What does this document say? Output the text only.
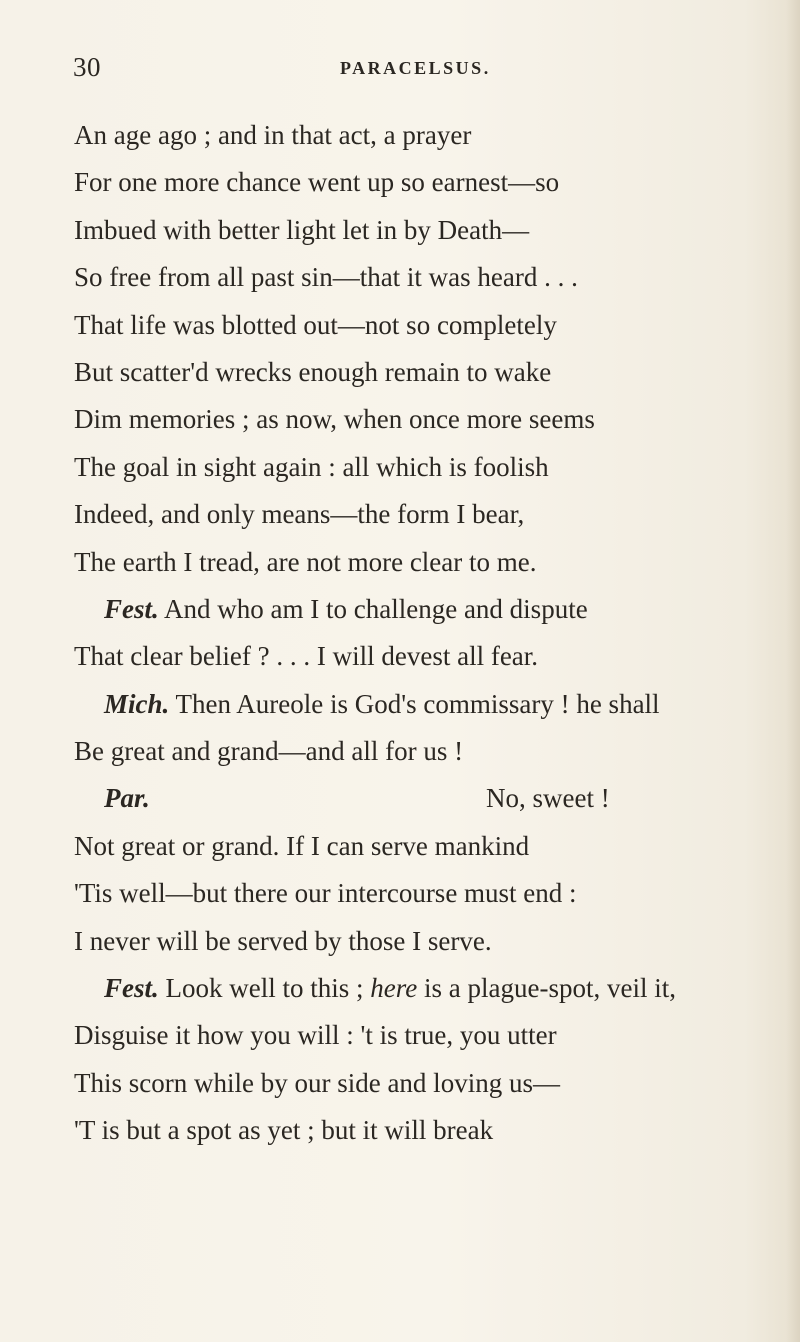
30	PARACELSUS.
An age ago ; and in that act, a prayer
For one more chance went up so earnest—so
Imbued with better light let in by Death—
So free from all past sin—that it was heard . . .
That life was blotted out—not so completely
But scatter'd wrecks enough remain to wake
Dim memories ; as now, when once more seems
The goal in sight again : all which is foolish
Indeed, and only means—the form I bear,
The earth I tread, are not more clear to me.
Fest. And who am I to challenge and dispute
That clear belief ? . . . I will devest all fear.
Mich. Then Aureole is God's commissary ! he shall
Be great and grand—and all for us !
Par.	No, sweet !
Not great or grand. If I can serve mankind
'Tis well—but there our intercourse must end :
I never will be served by those I serve.
Fest. Look well to this ; here is a plague-spot, veil it,
Disguise it how you will : 't is true, you utter
This scorn while by our side and loving us—
'T is but a spot as yet ; but it will break
